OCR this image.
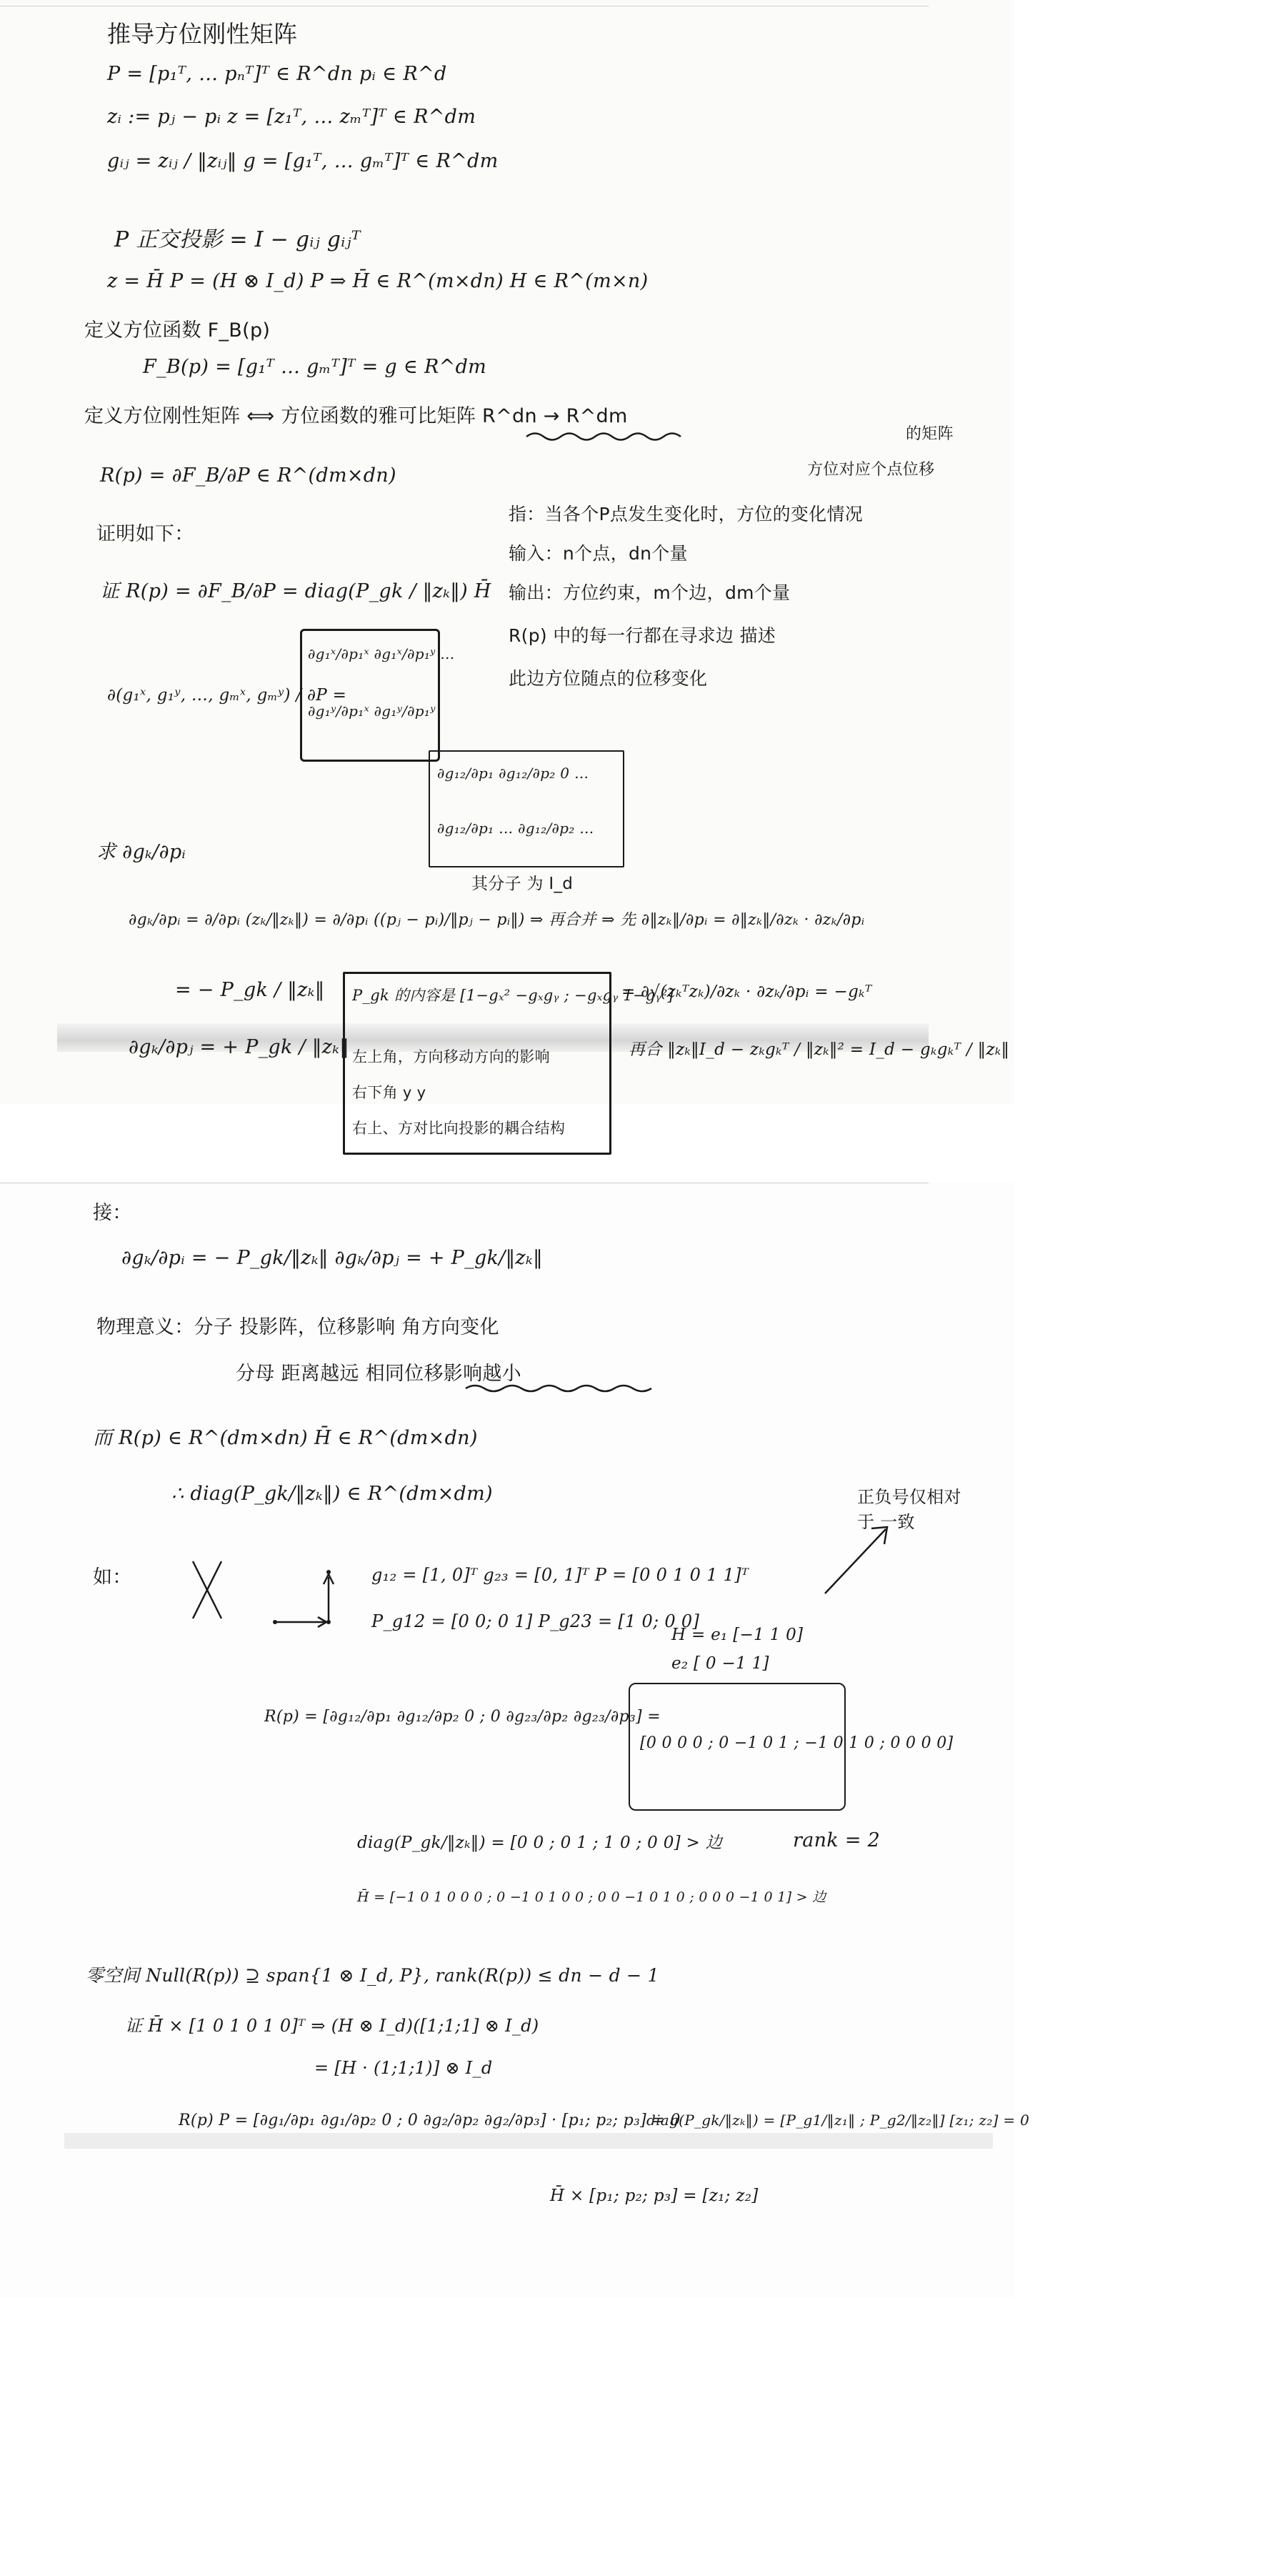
推导方位刚性矩阵
P = [p₁ᵀ, … pₙᵀ]ᵀ ∈ R^dn pᵢ ∈ R^d
zᵢ := pⱼ − pᵢ z = [z₁ᵀ, … zₘᵀ]ᵀ ∈ R^dm
gᵢⱼ = zᵢⱼ / ‖zᵢⱼ‖ g = [g₁ᵀ, … gₘᵀ]ᵀ ∈ R^dm
P 正交投影 = I − gᵢⱼ gᵢⱼᵀ
z = H̄ P = (H ⊗ I_d) P ⇒ H̄ ∈ R^(m×dn) H ∈ R^(m×n)
定义方位函数 F_B(p)
F_B(p) = [g₁ᵀ … gₘᵀ]ᵀ = g ∈ R^dm
定义方位刚性矩阵 ⟺ 方位函数的雅可比矩阵 R^dn → R^dm
的矩阵
方位对应个点位移
R(p) = ∂F_B/∂P ∈ R^(dm×dn)
指：当各个P点发生变化时，方位的变化情况
输入：n个点，dn个量
输出：方位约束，m个边，dm个量
R(p) 中的每一行都在寻求边 描述
此边方位随点的位移变化
证明如下：
证 R(p) = ∂F_B/∂P = diag(P_gk / ‖zₖ‖) H̄
∂(g₁ˣ, g₁ʸ, …, gₘˣ, gₘʸ) / ∂P =
∂g₁ˣ/∂p₁ˣ ∂g₁ˣ/∂p₁ʸ …
∂g₁ʸ/∂p₁ˣ ∂g₁ʸ/∂p₁ʸ
∂g₁₂/∂p₁ ∂g₁₂/∂p₂ 0 …
∂g₁₂/∂p₁ … ∂g₁₂/∂p₂ …
其分子 为 I_d
求 ∂gₖ/∂pᵢ
∂gₖ/∂pᵢ = ∂/∂pᵢ (zₖ/‖zₖ‖) = ∂/∂pᵢ ((pⱼ − pᵢ)/‖pⱼ − pᵢ‖) ⇒ 再合并 ⇒ 先 ∂‖zₖ‖/∂pᵢ = ∂‖zₖ‖/∂zₖ · ∂zₖ/∂pᵢ
= − P_gk / ‖zₖ‖	= ∂√(zₖᵀzₖ)/∂zₖ · ∂zₖ/∂pᵢ = −gₖᵀ
∂gₖ/∂pⱼ = + P_gk / ‖zₖ‖	再合 ‖zₖ‖I_d − zₖgₖᵀ / ‖zₖ‖² = I_d − gₖgₖᵀ / ‖zₖ‖
P_gk 的内容是 [1−gₓ² −gₓgᵧ ; −gₓgᵧ 1−gᵧ²]
左上角，方向移动方向的影响
右下角 y y
右上、方对比向投影的耦合结构
接：
∂gₖ/∂pᵢ = − P_gk/‖zₖ‖ ∂gₖ/∂pⱼ = + P_gk/‖zₖ‖
物理意义：分子 投影阵，位移影响 角方向变化
分母 距离越远 相同位移影响越小
而 R(p) ∈ R^(dm×dn) H̄ ∈ R^(dm×dn)
∴ diag(P_gk/‖zₖ‖) ∈ R^(dm×dm)	正负号仅相对于 一致
如：	g₁₂ = [1, 0]ᵀ g₂₃ = [0, 1]ᵀ P = [0 0 1 0 1 1]ᵀ
P_g12 = [0 0; 0 1] P_g23 = [1 0; 0 0]
H = e₁ [−1 1 0]
e₂ [ 0 −1 1]
R(p) = [∂g₁₂/∂p₁ ∂g₁₂/∂p₂ 0 ; 0 ∂g₂₃/∂p₂ ∂g₂₃/∂p₃] =
[0 0 0 0 ; 0 −1 0 1 ; −1 0 1 0 ; 0 0 0 0]
diag(P_gk/‖zₖ‖) = [0 0 ; 0 1 ; 1 0 ; 0 0] > 边	rank = 2
H̄ = [−1 0 1 0 0 0 ; 0 −1 0 1 0 0 ; 0 0 −1 0 1 0 ; 0 0 0 −1 0 1] > 边
零空间 Null(R(p)) ⊇ span{1 ⊗ I_d, P}, rank(R(p)) ≤ dn − d − 1
证 H̄ × [1 0 1 0 1 0]ᵀ ⇒ (H ⊗ I_d)([1;1;1] ⊗ I_d)
= [H · (1;1;1)] ⊗ I_d
R(p) P = [∂g₁/∂p₁ ∂g₁/∂p₂ 0 ; 0 ∂g₂/∂p₂ ∂g₂/∂p₃] · [p₁; p₂; p₃] = 0
diag(P_gk/‖zₖ‖) = [P_g1/‖z₁‖ ; P_g2/‖z₂‖] [z₁; z₂] = 0
H̄ × [p₁; p₂; p₃] = [z₁; z₂]
